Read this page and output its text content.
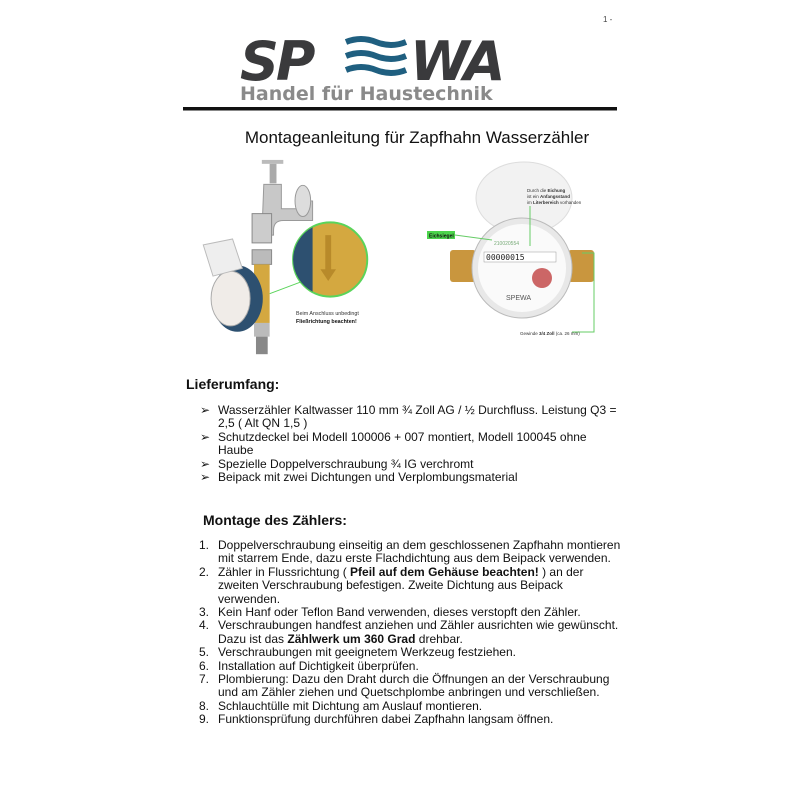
1 -
SP WA
Handel für Haustechnik
Montageanleitung für Zapfhahn Wasserzähler
Beim Anschluss unbedingt
Fließrichtung beachten!
00000015
210020554
SPEWA
Eichsiegel
Durch die Eichung
ist ein Anfangsstand
im Literbereich vorhanden
Gewinde 3/4 Zoll (ca. 26 mm)
Lieferumfang:
➢ Wasserzähler Kaltwasser 110 mm ¾ Zoll AG / ½ Durchfluss. Leistung Q3 = 2,5 ( Alt QN 1,5 )
➢ Schutzdeckel bei Modell 100006 + 007 montiert, Modell 100045 ohne Haube
➢ Spezielle Doppelverschraubung ¾ IG verchromt
➢ Beipack mit zwei Dichtungen und Verplombungsmaterial
Montage des Zählers:
1. Doppelverschraubung einseitig an dem geschlossenen Zapfhahn montieren mit starrem Ende, dazu erste Flachdichtung aus dem Beipack verwenden.
2. Zähler in Flussrichtung ( Pfeil auf dem Gehäuse beachten! ) an der zweiten Verschraubung befestigen. Zweite Dichtung aus Beipack verwenden.
3. Kein Hanf oder Teflon Band verwenden, dieses verstopft den Zähler.
4. Verschraubungen handfest anziehen und Zähler ausrichten wie gewünscht. Dazu ist das Zählwerk um 360 Grad drehbar.
5. Verschraubungen mit geeignetem Werkzeug festziehen.
6. Installation auf Dichtigkeit überprüfen.
7. Plombierung: Dazu den Draht durch die Öffnungen an der Verschraubung und am Zähler ziehen und Quetschplombe anbringen und verschließen.
8. Schlauchtülle mit Dichtung am Auslauf montieren.
9. Funktionsprüfung durchführen dabei Zapfhahn langsam öffnen.
